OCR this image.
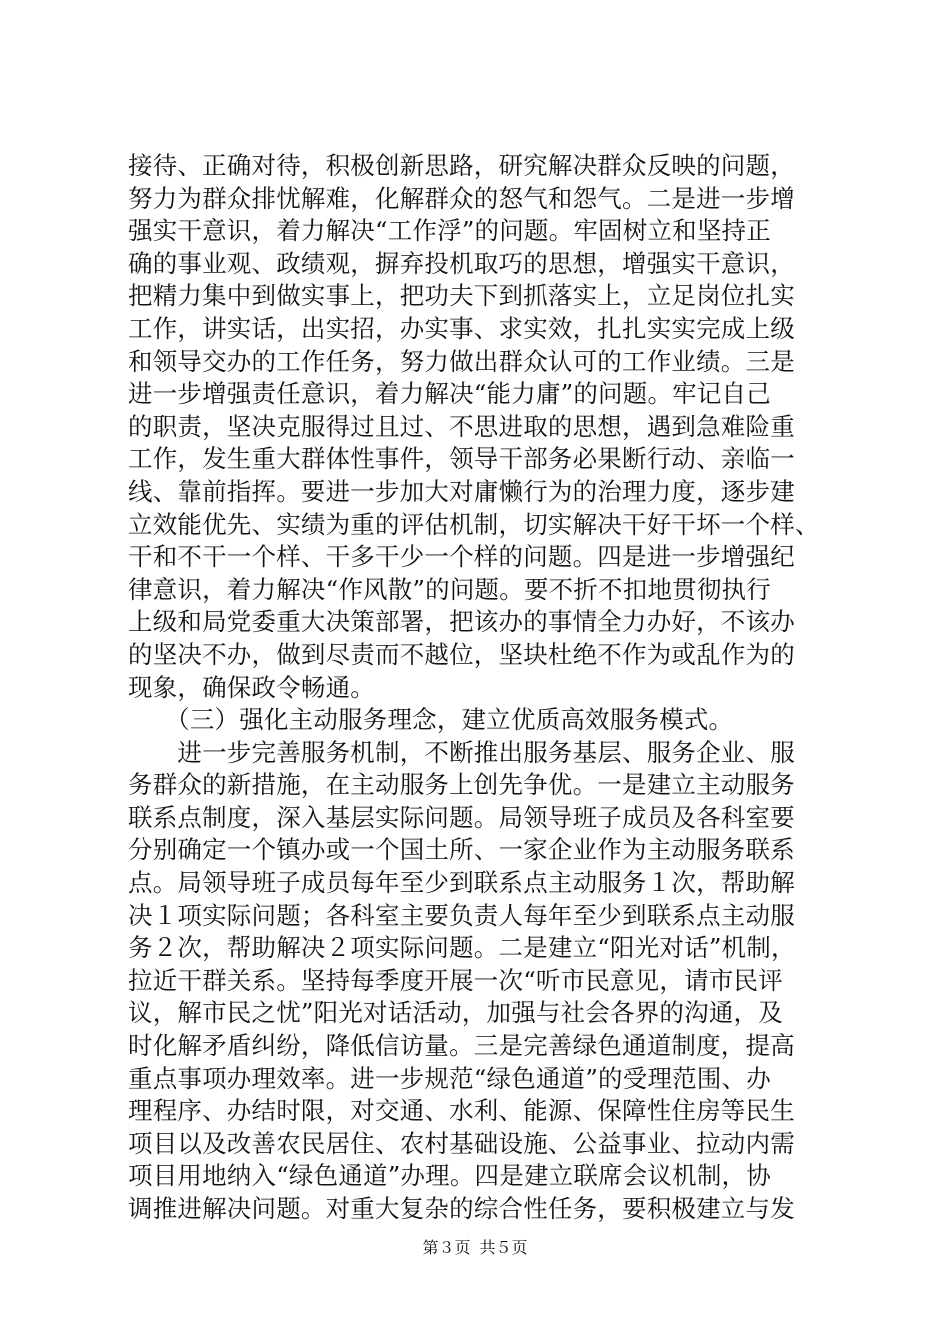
接待、正确对待，积极创新思路，研究解决群众反映的问题，
努力为群众排忧解难，化解群众的怒气和怨气。二是进一步增
强实干意识，着力解决“工作浮”的问题。牢固树立和坚持正
确的事业观、政绩观，摒弃投机取巧的思想，增强实干意识，
把精力集中到做实事上，把功夫下到抓落实上，立足岗位扎实
工作，讲实话，出实招，办实事、求实效，扎扎实实完成上级
和领导交办的工作任务，努力做出群众认可的工作业绩。三是
进一步增强责任意识，着力解决“能力庸”的问题。牢记自己
的职责，坚决克服得过且过、不思进取的思想，遇到急难险重
工作，发生重大群体性事件，领导干部务必果断行动、亲临一
线、靠前指挥。要进一步加大对庸懒行为的治理力度，逐步建
立效能优先、实绩为重的评估机制，切实解决干好干坏一个样、
干和不干一个样、干多干少一个样的问题。四是进一步增强纪
律意识，着力解决“作风散”的问题。要不折不扣地贯彻执行
上级和局党委重大决策部署，把该办的事情全力办好，不该办
的坚决不办，做到尽责而不越位，坚块杜绝不作为或乱作为的
现象，确保政令畅通。
　　（三）强化主动服务理念，建立优质高效服务模式。
　　进一步完善服务机制，不断推出服务基层、服务企业、服
务群众的新措施，在主动服务上创先争优。一是建立主动服务
联系点制度，深入基层实际问题。局领导班子成员及各科室要
分别确定一个镇办或一个国土所、一家企业作为主动服务联系
点。局领导班子成员每年至少到联系点主动服务１次，帮助解
决１项实际问题；各科室主要负责人每年至少到联系点主动服
务２次，帮助解决２项实际问题。二是建立“阳光对话”机制，
拉近干群关系。坚持每季度开展一次“听市民意见，请市民评
议，解市民之忧”阳光对话活动，加强与社会各界的沟通，及
时化解矛盾纠纷，降低信访量。三是完善绿色通道制度，提高
重点事项办理效率。进一步规范“绿色通道”的受理范围、办
理程序、办结时限，对交通、水利、能源、保障性住房等民生
项目以及改善农民居住、农村基础设施、公益事业、拉动内需
项目用地纳入“绿色通道”办理。四是建立联席会议机制，协
调推进解决问题。对重大复杂的综合性任务，要积极建立与发
第３页 共５页
